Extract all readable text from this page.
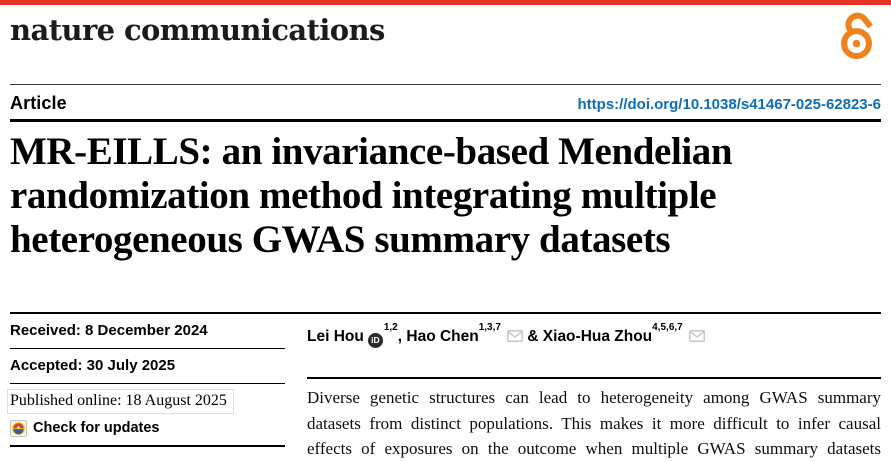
nature communications
Article	https://doi.org/10.1038/s41467-025-62823-6
MR-EILLS: an invariance-based Mendelian
randomization method integrating multiple
heterogeneous GWAS summary datasets
Received: 8 December 2024
Accepted: 30 July 2025
Published online: 18 August 2025
Check for updates

Lei Hou iD$^{1,2}$, Hao Chen$^{1,3,7}$ & Xiao-Hua Zhou$^{4,5,6,7}$

Diverse genetic structures can lead to heterogeneity among GWAS summary datasets from distinct populations. This makes it more difficult to infer causal effects of exposures on the outcome when multiple GWAS summary datasets
